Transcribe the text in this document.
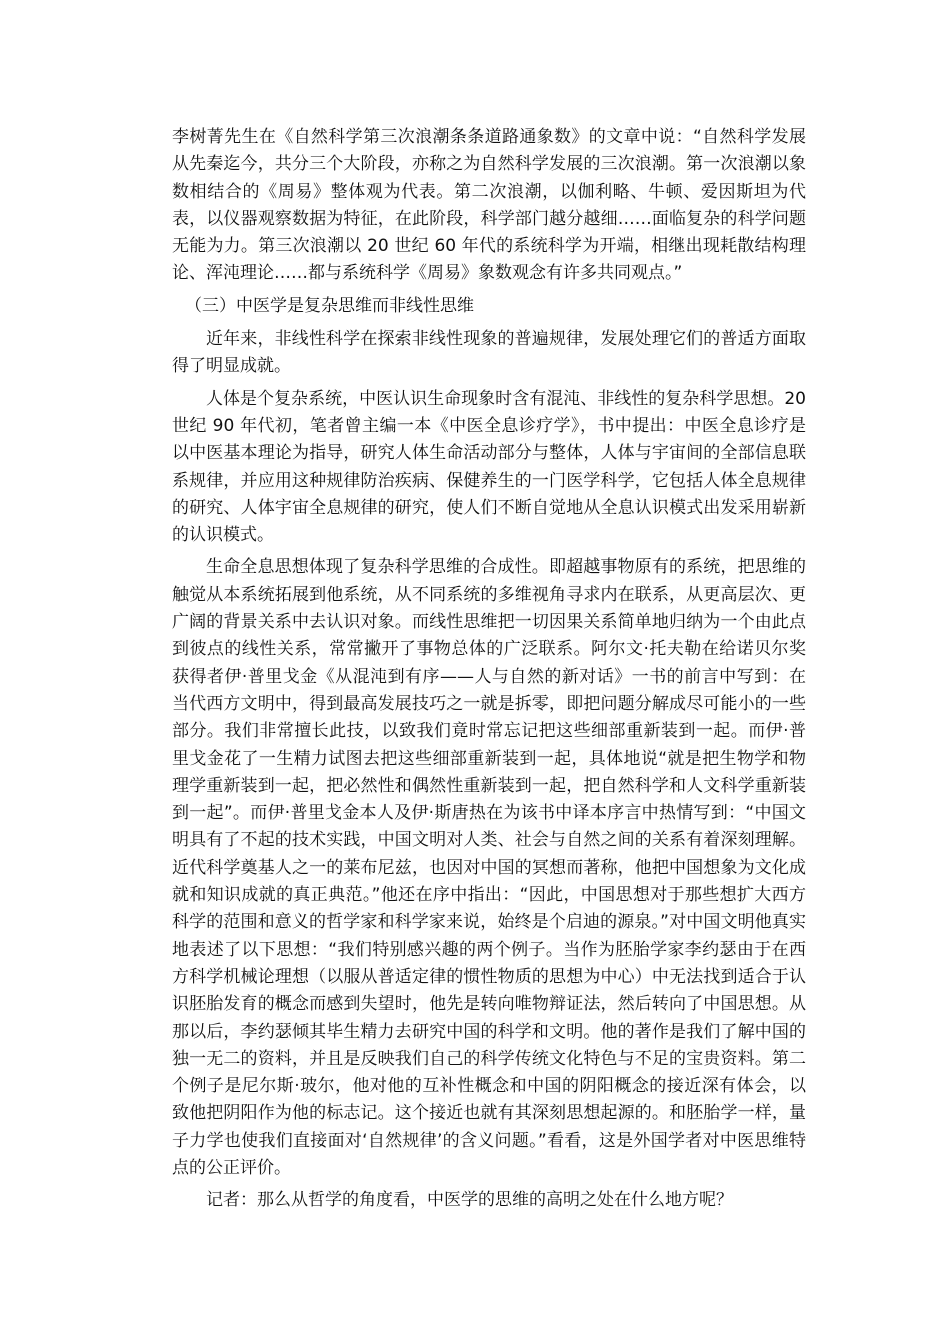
李树菁先生在《自然科学第三次浪潮条条道路通象数》的文章中说：“自然科学发展从先秦迄今，共分三个大阶段，亦称之为自然科学发展的三次浪潮。第一次浪潮以象数相结合的《周易》整体观为代表。第二次浪潮，以伽利略、牛顿、爱因斯坦为代表，以仪器观察数据为特征，在此阶段，科学部门越分越细……面临复杂的科学问题无能为力。第三次浪潮以 20 世纪 60 年代的系统科学为开端，相继出现耗散结构理论、浑沌理论……都与系统科学《周易》象数观念有许多共同观点。”

（三）中医学是复杂思维而非线性思维

近年来，非线性科学在探索非线性现象的普遍规律，发展处理它们的普适方面取得了明显成就。

人体是个复杂系统，中医认识生命现象时含有混沌、非线性的复杂科学思想。20 世纪 90 年代初，笔者曾主编一本《中医全息诊疗学》，书中提出：中医全息诊疗是以中医基本理论为指导，研究人体生命活动部分与整体，人体与宇宙间的全部信息联系规律，并应用这种规律防治疾病、保健养生的一门医学科学，它包括人体全息规律的研究、人体宇宙全息规律的研究，使人们不断自觉地从全息认识模式出发采用崭新的认识模式。

生命全息思想体现了复杂科学思维的合成性。即超越事物原有的系统，把思维的触觉从本系统拓展到他系统，从不同系统的多维视角寻求内在联系，从更高层次、更广阔的背景关系中去认识对象。而线性思维把一切因果关系简单地归纳为一个由此点到彼点的线性关系，常常撇开了事物总体的广泛联系。阿尔文·托夫勒在给诺贝尔奖获得者伊·普里戈金《从混沌到有序——人与自然的新对话》一书的前言中写到：在当代西方文明中，得到最高发展技巧之一就是拆零，即把问题分解成尽可能小的一些部分。我们非常擅长此技，以致我们竟时常忘记把这些细部重新装到一起。而伊·普里戈金花了一生精力试图去把这些细部重新装到一起，具体地说“就是把生物学和物理学重新装到一起，把必然性和偶然性重新装到一起，把自然科学和人文科学重新装到一起”。而伊·普里戈金本人及伊·斯唐热在为该书中译本序言中热情写到：“中国文明具有了不起的技术实践，中国文明对人类、社会与自然之间的关系有着深刻理解。近代科学奠基人之一的莱布尼兹，也因对中国的冥想而著称，他把中国想象为文化成就和知识成就的真正典范。”他还在序中指出：“因此，中国思想对于那些想扩大西方科学的范围和意义的哲学家和科学家来说，始终是个启迪的源泉。”对中国文明他真实地表述了以下思想：“我们特别感兴趣的两个例子。当作为胚胎学家李约瑟由于在西方科学机械论理想（以服从普适定律的惯性物质的思想为中心）中无法找到适合于认识胚胎发育的概念而感到失望时，他先是转向唯物辩证法，然后转向了中国思想。从那以后，李约瑟倾其毕生精力去研究中国的科学和文明。他的著作是我们了解中国的独一无二的资料，并且是反映我们自己的科学传统文化特色与不足的宝贵资料。第二个例子是尼尔斯·玻尔，他对他的互补性概念和中国的阴阳概念的接近深有体会，以致他把阴阳作为他的标志记。这个接近也就有其深刻思想起源的。和胚胎学一样，量子力学也使我们直接面对‘自然规律’的含义问题。”看看，这是外国学者对中医思维特点的公正评价。

记者：那么从哲学的角度看，中医学的思维的高明之处在什么地方呢？
